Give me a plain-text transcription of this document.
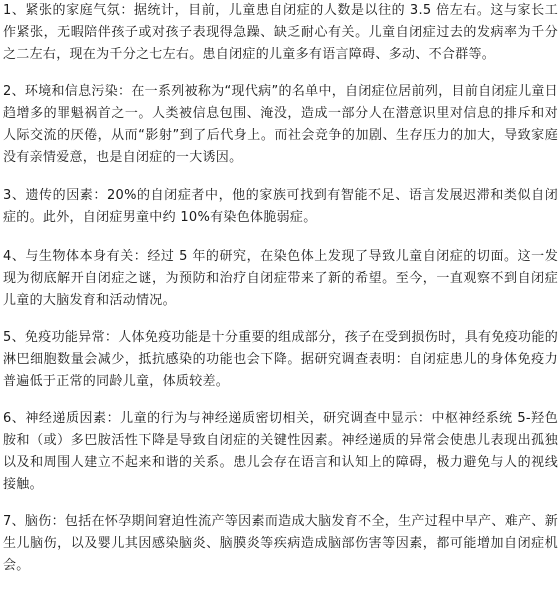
1、紧张的家庭气氛：据统计，目前，儿童患自闭症的人数是以往的 3.5 倍左右。这与家长工作紧张，无暇陪伴孩子或对孩子表现得急躁、缺乏耐心有关。儿童自闭症过去的发病率为千分之二左右，现在为千分之七左右。患自闭症的儿童多有语言障碍、多动、不合群等。

2、环境和信息污染：在一系列被称为“现代病”的名单中，自闭症位居前列，目前自闭症儿童日趋增多的罪魁祸首之一。人类被信息包围、淹没，造成一部分人在潜意识里对信息的排斥和对人际交流的厌倦，从而“影射”到了后代身上。而社会竞争的加剧、生存压力的加大，导致家庭没有亲情爱意，也是自闭症的一大诱因。

3、遗传的因素：20%的自闭症者中，他的家族可找到有智能不足、语言发展迟滞和类似自闭症的。此外，自闭症男童中约 10%有染色体脆弱症。

4、与生物体本身有关：经过 5 年的研究，在染色体上发现了导致儿童自闭症的切面。这一发现为彻底解开自闭症之谜，为预防和治疗自闭症带来了新的希望。至今，一直观察不到自闭症儿童的大脑发育和活动情况。

5、免疫功能异常：人体免疫功能是十分重要的组成部分，孩子在受到损伤时，具有免疫功能的淋巴细胞数量会减少，抵抗感染的功能也会下降。据研究调查表明：自闭症患儿的身体免疫力普遍低于正常的同龄儿童，体质较差。

6、神经递质因素：儿童的行为与神经递质密切相关，研究调查中显示：中枢神经系统 5-羟色胺和（或）多巴胺活性下降是导致自闭症的关键性因素。神经递质的异常会使患儿表现出孤独以及和周围人建立不起来和谐的关系。患儿会存在语言和认知上的障碍，极力避免与人的视线接触。

7、脑伤：包括在怀孕期间窘迫性流产等因素而造成大脑发育不全，生产过程中早产、难产、新生儿脑伤，以及婴儿其因感染脑炎、脑膜炎等疾病造成脑部伤害等因素，都可能增加自闭症机会。
